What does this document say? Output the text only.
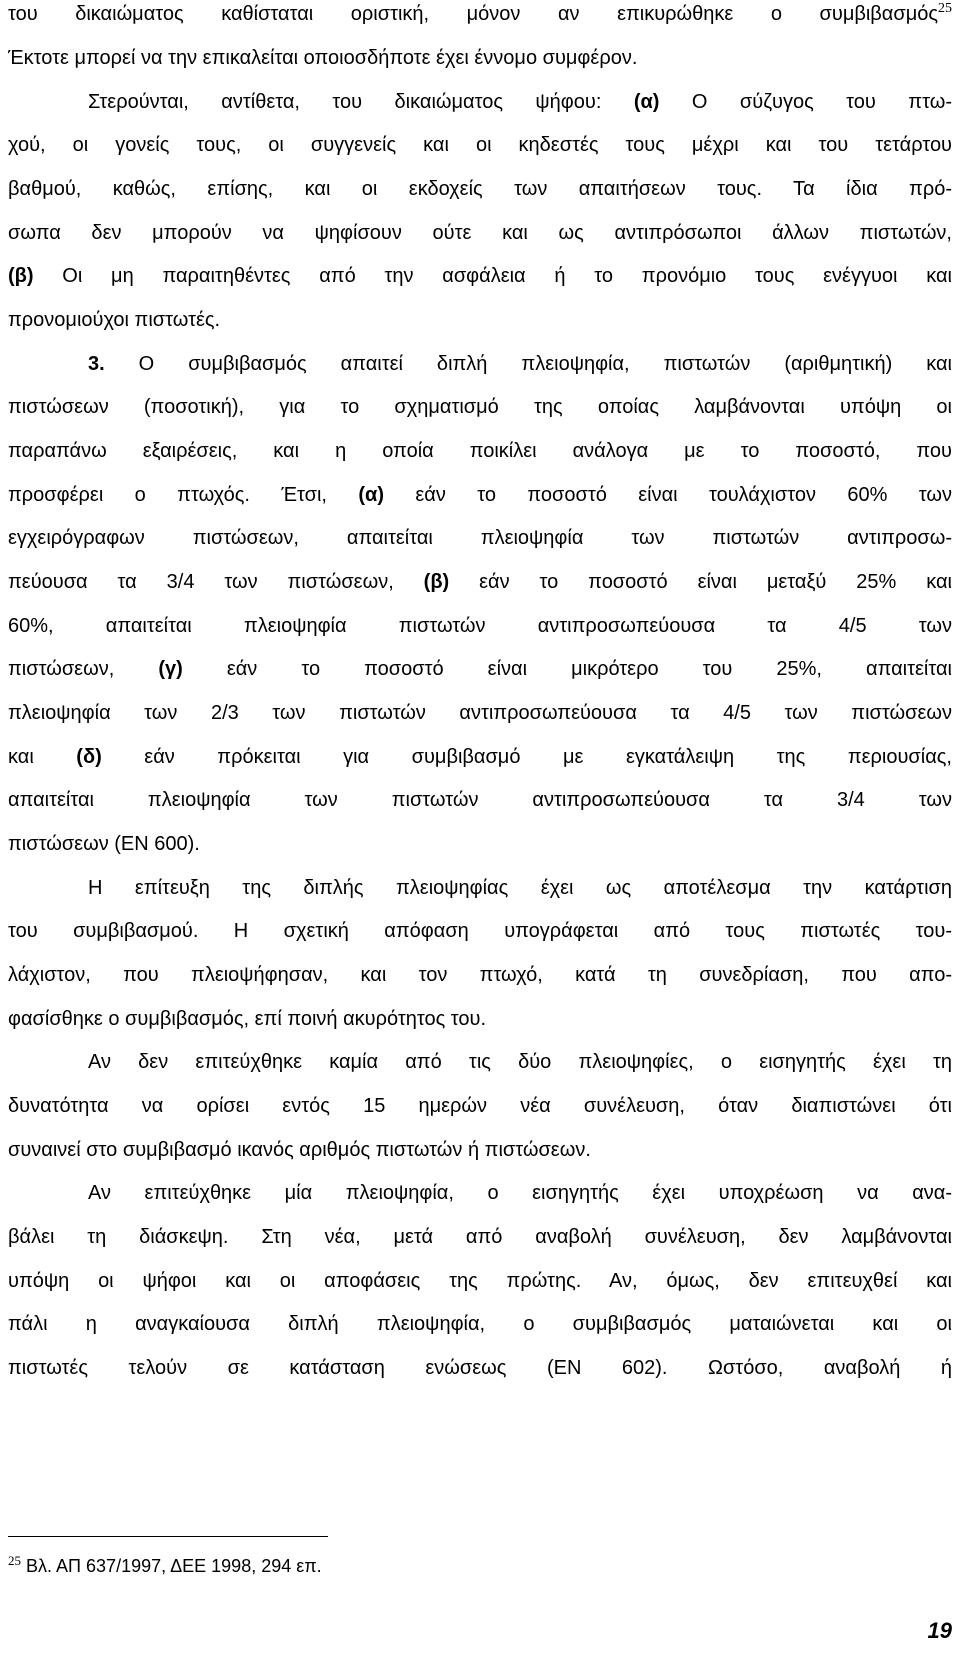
του δικαιώματος καθίσταται οριστική, μόνον αν επικυρώθηκε ο συμβιβασμός$^{25}$
Έκτοτε μπορεί να την επικαλείται οποιοσδήποτε έχει έννομο συμφέρον.
Στερούνται, αντίθετα, του δικαιώματος ψήφου: (α) Ο σύζυγος του πτω-
χού, οι γονείς τους, οι συγγενείς και οι κηδεστές τους μέχρι και του τετάρτου
βαθμού, καθώς, επίσης, και οι εκδοχείς των απαιτήσεων τους. Τα ίδια πρό-
σωπα δεν μπορούν να ψηφίσουν ούτε και ως αντιπρόσωποι άλλων πιστωτών,
(β) Οι μη παραιτηθέντες από την ασφάλεια ή το προνόμιο τους ενέγγυοι και
προνομιούχοι πιστωτές.
3. Ο συμβιβασμός απαιτεί διπλή πλειοψηφία, πιστωτών (αριθμητική) και
πιστώσεων (ποσοτική), για το σχηματισμό της οποίας λαμβάνονται υπόψη οι
παραπάνω εξαιρέσεις, και η οποία ποικίλει ανάλογα με το ποσοστό, που
προσφέρει ο πτωχός. Έτσι, (α) εάν το ποσοστό είναι τουλάχιστον 60% των
εγχειρόγραφων πιστώσεων, απαιτείται πλειοψηφία των πιστωτών αντιπροσω-
πεύουσα τα 3/4 των πιστώσεων, (β) εάν το ποσοστό είναι μεταξύ 25% και
60%, απαιτείται πλειοψηφία πιστωτών αντιπροσωπεύουσα τα 4/5 των
πιστώσεων, (γ) εάν το ποσοστό είναι μικρότερο του 25%, απαιτείται
πλειοψηφία των 2/3 των πιστωτών αντιπροσωπεύουσα τα 4/5 των πιστώσεων
και (δ) εάν πρόκειται για συμβιβασμό με εγκατάλειψη της περιουσίας,
απαιτείται πλειοψηφία των πιστωτών αντιπροσωπεύουσα τα 3/4 των
πιστώσεων (ΕΝ 600).
Η επίτευξη της διπλής πλειοψηφίας έχει ως αποτέλεσμα την κατάρτιση
του συμβιβασμού. Η σχετική απόφαση υπογράφεται από τους πιστωτές του-
λάχιστον, που πλειοψήφησαν, και τον πτωχό, κατά τη συνεδρίαση, που απο-
φασίσθηκε ο συμβιβασμός, επί ποινή ακυρότητος του.
Αν δεν επιτεύχθηκε καμία από τις δύο πλειοψηφίες, ο εισηγητής έχει τη
δυνατότητα να ορίσει εντός 15 ημερών νέα συνέλευση, όταν διαπιστώνει ότι
συναινεί στο συμβιβασμό ικανός αριθμός πιστωτών ή πιστώσεων.
Αν επιτεύχθηκε μία πλειοψηφία, ο εισηγητής έχει υποχρέωση να ανα-
βάλει τη διάσκεψη. Στη νέα, μετά από αναβολή συνέλευση, δεν λαμβάνονται
υπόψη οι ψήφοι και οι αποφάσεις της πρώτης. Αν, όμως, δεν επιτευχθεί και
πάλι η αναγκαίουσα διπλή πλειοψηφία, ο συμβιβασμός ματαιώνεται και οι
πιστωτές τελούν σε κατάσταση ενώσεως (ΕΝ 602). Ωστόσο, αναβολή ή
$^{25}$ Βλ. ΑΠ 637/1997, ΔΕΕ 1998, 294 επ.
19
